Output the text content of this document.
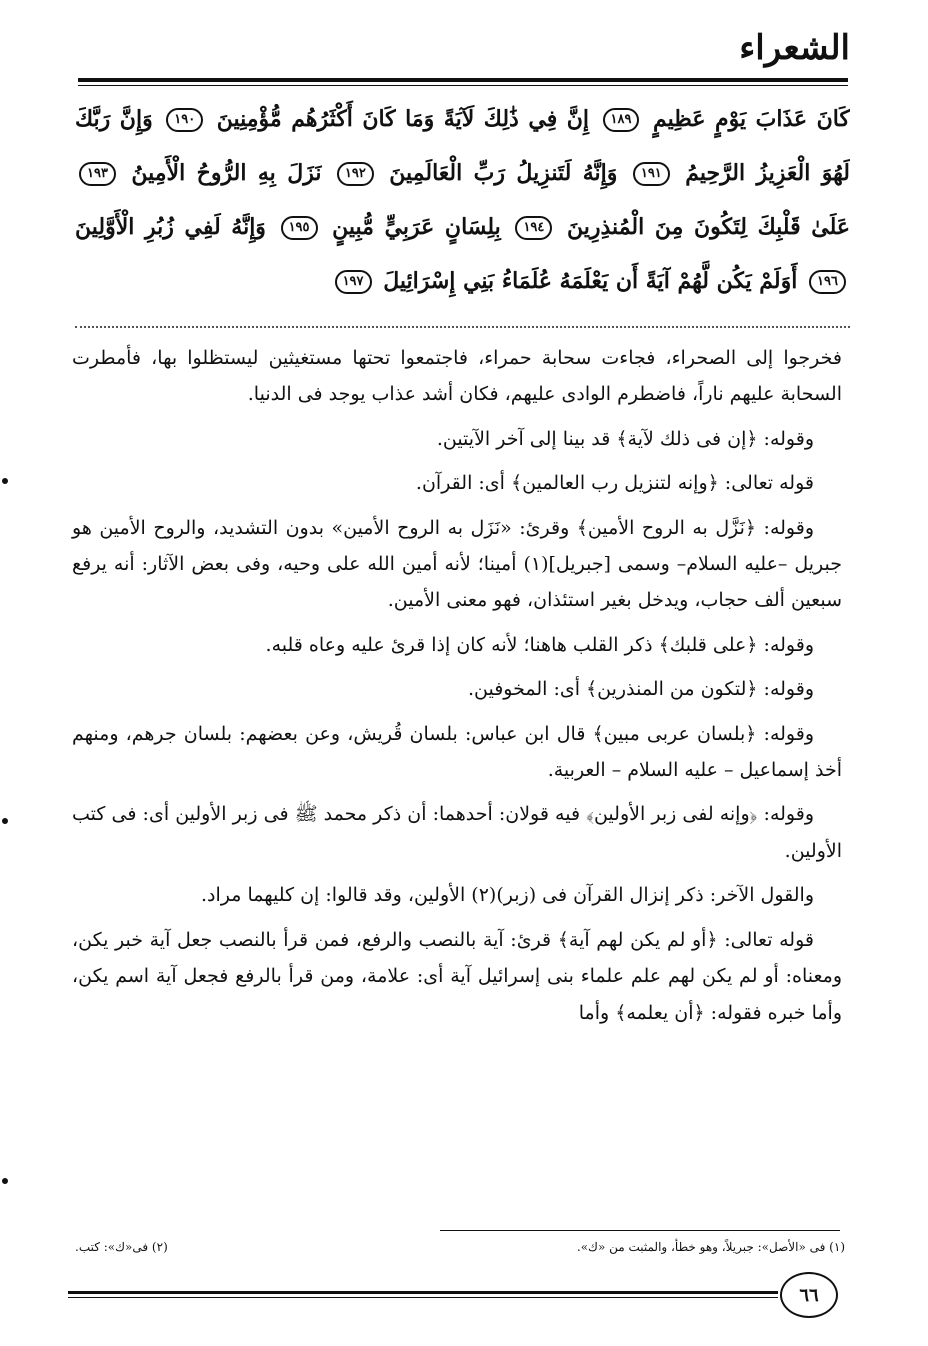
الشعراء
كَانَ عَذَابَ يَوْمٍ عَظِيمٍ ١٨٩ إِنَّ فِي ذَٰلِكَ لَآيَةً وَمَا كَانَ أَكْثَرُهُم مُّؤْمِنِينَ ١٩٠ وَإِنَّ رَبَّكَ
لَهُوَ الْعَزِيزُ الرَّحِيمُ ١٩١ وَإِنَّهُ لَتَنزِيلُ رَبِّ الْعَالَمِينَ ١٩٢ نَزَلَ بِهِ الرُّوحُ الْأَمِينُ ١٩٣
عَلَىٰ قَلْبِكَ لِتَكُونَ مِنَ الْمُنذِرِينَ ١٩٤ بِلِسَانٍ عَرَبِيٍّ مُّبِينٍ ١٩٥ وَإِنَّهُ لَفِي زُبُرِ الْأَوَّلِينَ
١٩٦ أَوَلَمْ يَكُن لَّهُمْ آيَةً أَن يَعْلَمَهُ عُلَمَاءُ بَنِي إِسْرَائِيلَ ١٩٧

فخرجوا إلى الصحراء، فجاءت سحابة حمراء، فاجتمعوا تحتها مستغيثين ليستظلوا بها، فأمطرت السحابة عليهم ناراً، فاضطرم الوادى عليهم، فكان أشد عذاب يوجد فى الدنيا.

وقوله: ﴿إن فى ذلك لآية﴾ قد بينا إلى آخر الآيتين.

قوله تعالى: ﴿وإنه لتنزيل رب العالمين﴾ أى: القرآن.

وقوله: ﴿نَزَّل به الروح الأمين﴾ وقرئ: «نَزَل به الروح الأمين» بدون التشديد، والروح الأمين هو جبريل –عليه السلام– وسمى [جبريل](١) أمينا؛ لأنه أمين الله على وحيه، وفى بعض الآثار: أنه يرفع سبعين ألف حجاب، ويدخل بغير استئذان، فهو معنى الأمين.

وقوله: ﴿على قلبك﴾ ذكر القلب هاهنا؛ لأنه كان إذا قرئ عليه وعاه قلبه.

وقوله: ﴿لتكون من المنذرين﴾ أى: المخوفين.

وقوله: ﴿بلسان عربى مبين﴾ قال ابن عباس: بلسان قُريش، وعن بعضهم: بلسان جرهم، ومنهم أخذ إسماعيل – عليه السلام – العربية.

وقوله: ﴿وإنه لفى زبر الأولين﴾ فيه قولان: أحدهما: أن ذكر محمد ﷺ فى زبر الأولين أى: فى كتب الأولين.

والقول الآخر: ذكر إنزال القرآن فى (زبر)(٢) الأولين، وقد قالوا: إن كليهما مراد.

قوله تعالى: ﴿أو لم يكن لهم آية﴾ قرئ: آية بالنصب والرفع، فمن قرأ بالنصب جعل آية خبر يكن، ومعناه: أو لم يكن لهم علم علماء بنى إسرائيل آية أى: علامة، ومن قرأ بالرفع فجعل آية اسم يكن، وأما خبره فقوله: ﴿أن يعلمه﴾ وأما

(١) فى «الأصل»: جبريلاً، وهو خطأ، والمثبت من «ك».
(٢) فى«ك»: كتب.
٦٦
